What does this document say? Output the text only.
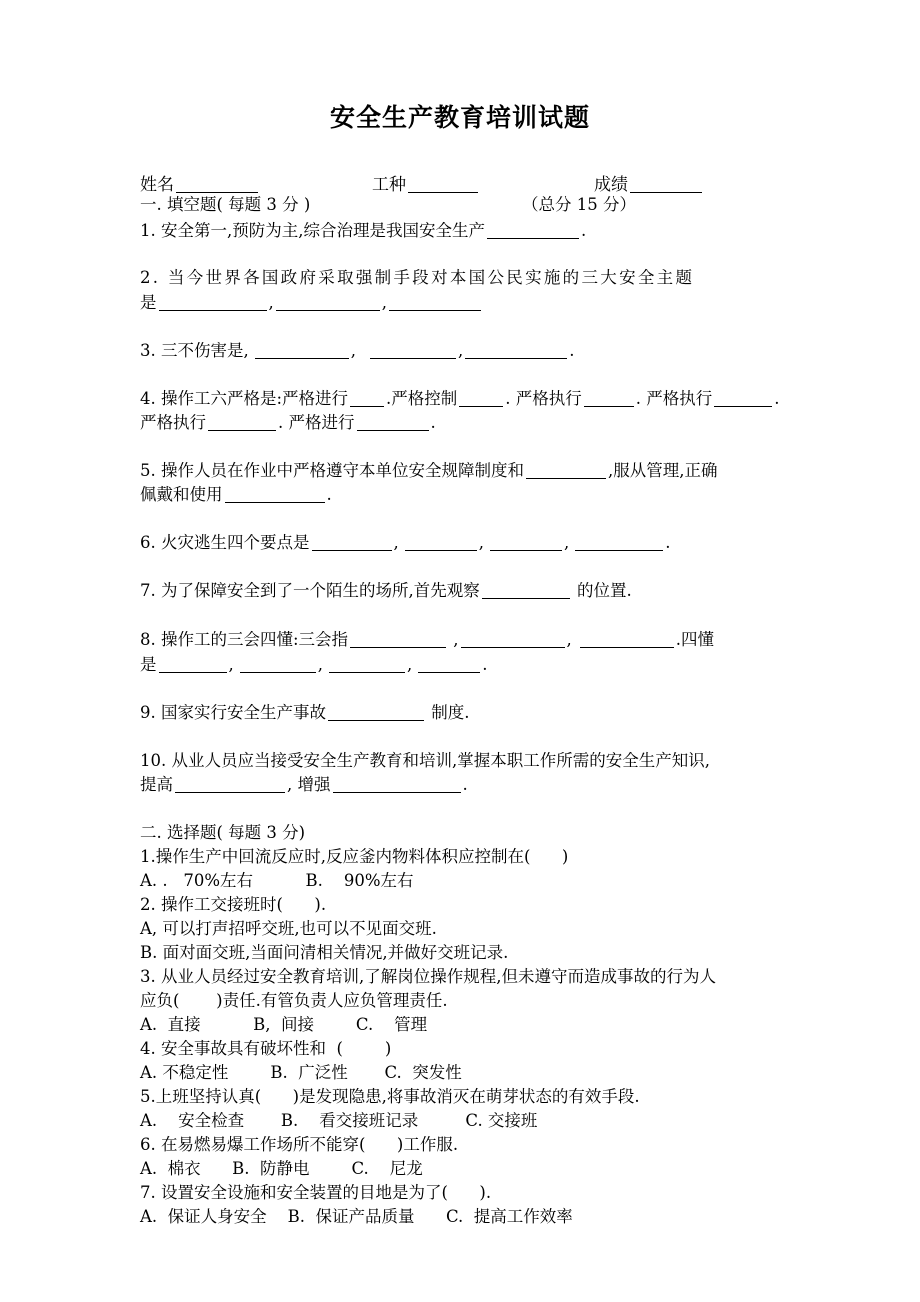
安全生产教育培训试题
姓名	工种	成绩
一. 填空题( 每题 3 分 )	（总分 15 分）
1. 安全第一,预防为主,综合治理是我国安全生产	.
2. 当今世界各国政府采取强制手段对本国公民实施的三大安全主题
是	,	,
3. 三不伤害是,	,	,	.
4. 操作工六严格是:严格进行 .严格控制	. 严格执行	. 严格执行	.
严格执行	. 严格进行	.
5. 操作人员在作业中严格遵守本单位安全规障制度和	,服从管理,正确
佩戴和使用	.
6. 火灾逃生四个要点是	,	,	,	.
7. 为了保障安全到了一个陌生的场所,首先观察	的位置.
8. 操作工的三会四懂:三会指	,	,	.四懂
是	,	,	,	.
9. 国家实行安全生产事故	制度.
10. 从业人员应当接受安全生产教育和培训,掌握本职工作所需的安全生产知识,
提高	, 增强	.
二. 选择题( 每题 3 分)
1.操作生产中回流反应时,反应釜内物料体积应控制在(      )
A. .   70%左右          B.    90%左右
2. 操作工交接班时(      ).
A, 可以打声招呼交班,也可以不见面交班.
B. 面对面交班,当面问清相关情况,并做好交班记录.
3. 从业人员经过安全教育培训,了解岗位操作规程,但未遵守而造成事故的行为人
应负(       )责任.有管负责人应负管理责任.
A.  直接          B,  间接        C.    管理
4. 安全事故具有破坏性和  (        )
A. 不稳定性        B.  广泛性       C.  突发性
5.上班坚持认真(      )是发现隐患,将事故消灭在萌芽状态的有效手段.
A.    安全检查       B.    看交接班记录         C. 交接班
6. 在易燃易爆工作场所不能穿(      )工作服.
A.  棉衣      B.  防静电        C.    尼龙
7. 设置安全设施和安全装置的目地是为了(      ).
A.  保证人身安全    B.  保证产品质量      C.  提高工作效率
